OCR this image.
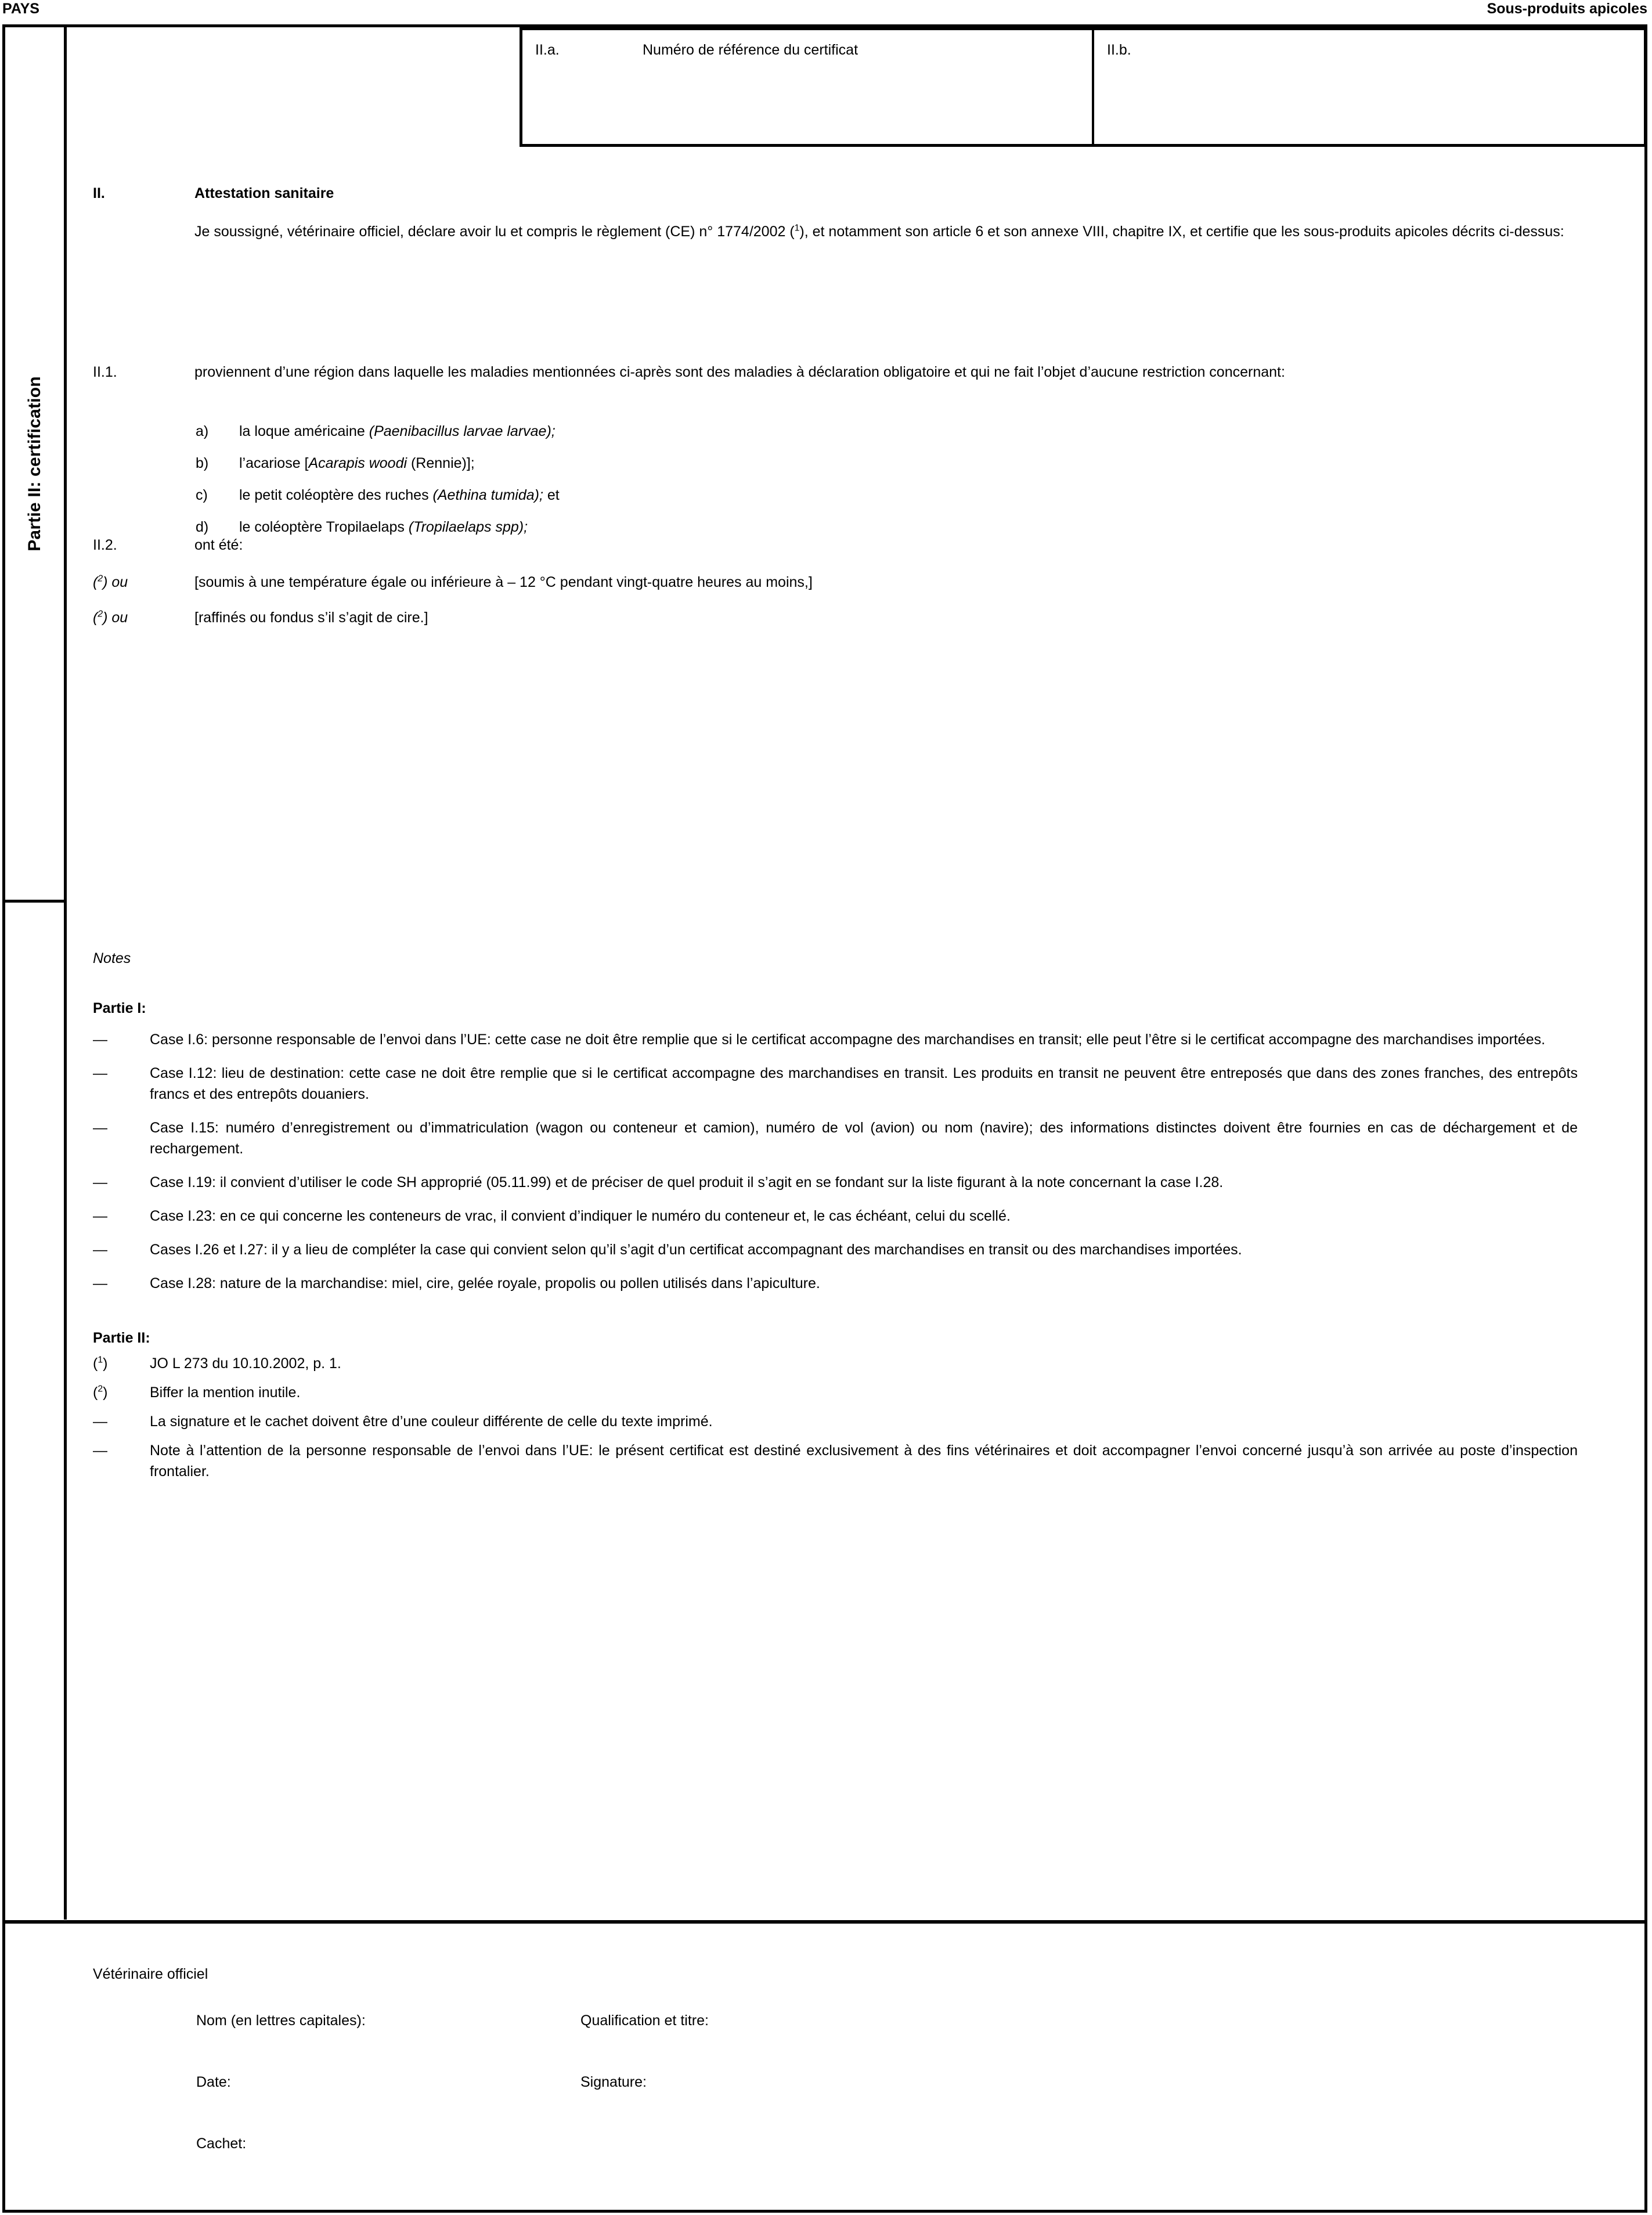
PAYS	Sous-produits apicoles
Partie II: certification
II.a.	Numéro de référence du certificat	II.b.
II.	Attestation sanitaire
Je soussigné, vétérinaire officiel, déclare avoir lu et compris le règlement (CE) n° 1774/2002 ($^1$), et notamment son article 6 et son annexe VIII, chapitre IX, et certifie que les sous-produits apicoles décrits ci-dessus:
II.1.	proviennent d’une région dans laquelle les maladies mentionnées ci-après sont des maladies à déclaration obligatoire et qui ne fait l’objet d’aucune restriction concernant:
a)	la loque américaine (Paenibacillus larvae larvae);
b)	l’acariose [Acarapis woodi (Rennie)];
c)	le petit coléoptère des ruches (Aethina tumida); et
d)	le coléoptère Tropilaelaps (Tropilaelaps spp);
II.2.	ont été:
($^2$) ou	[soumis à une température égale ou inférieure à – 12 °C pendant vingt-quatre heures au moins,]
($^2$) ou	[raffinés ou fondus s’il s’agit de cire.]
Notes
Partie I:
—	Case I.6: personne responsable de l’envoi dans l’UE: cette case ne doit être remplie que si le certificat accompagne des marchandises en transit; elle peut l’être si le certificat accompagne des marchandises importées.
—	Case I.12: lieu de destination: cette case ne doit être remplie que si le certificat accompagne des marchandises en transit. Les produits en transit ne peuvent être entreposés que dans des zones franches, des entrepôts francs et des entrepôts douaniers.
—	Case I.15: numéro d’enregistrement ou d’immatriculation (wagon ou conteneur et camion), numéro de vol (avion) ou nom (navire); des informations distinctes doivent être fournies en cas de déchargement et de rechargement.
—	Case I.19: il convient d’utiliser le code SH approprié (05.11.99) et de préciser de quel produit il s’agit en se fondant sur la liste figurant à la note concernant la case I.28.
—	Case I.23: en ce qui concerne les conteneurs de vrac, il convient d’indiquer le numéro du conteneur et, le cas échéant, celui du scellé.
—	Cases I.26 et I.27: il y a lieu de compléter la case qui convient selon qu’il s’agit d’un certificat accompagnant des marchandises en transit ou des marchandises importées.
—	Case I.28: nature de la marchandise: miel, cire, gelée royale, propolis ou pollen utilisés dans l’apiculture.
Partie II:
($^1$)	JO L 273 du 10.10.2002, p. 1.
($^2$)	Biffer la mention inutile.
—	La signature et le cachet doivent être d’une couleur différente de celle du texte imprimé.
—	Note à l’attention de la personne responsable de l’envoi dans l’UE: le présent certificat est destiné exclusivement à des fins vétérinaires et doit accompagner l’envoi concerné jusqu’à son arrivée au poste d’inspection frontalier.
Vétérinaire officiel
Nom (en lettres capitales):	Qualification et titre:
Date:	Signature:
Cachet:
